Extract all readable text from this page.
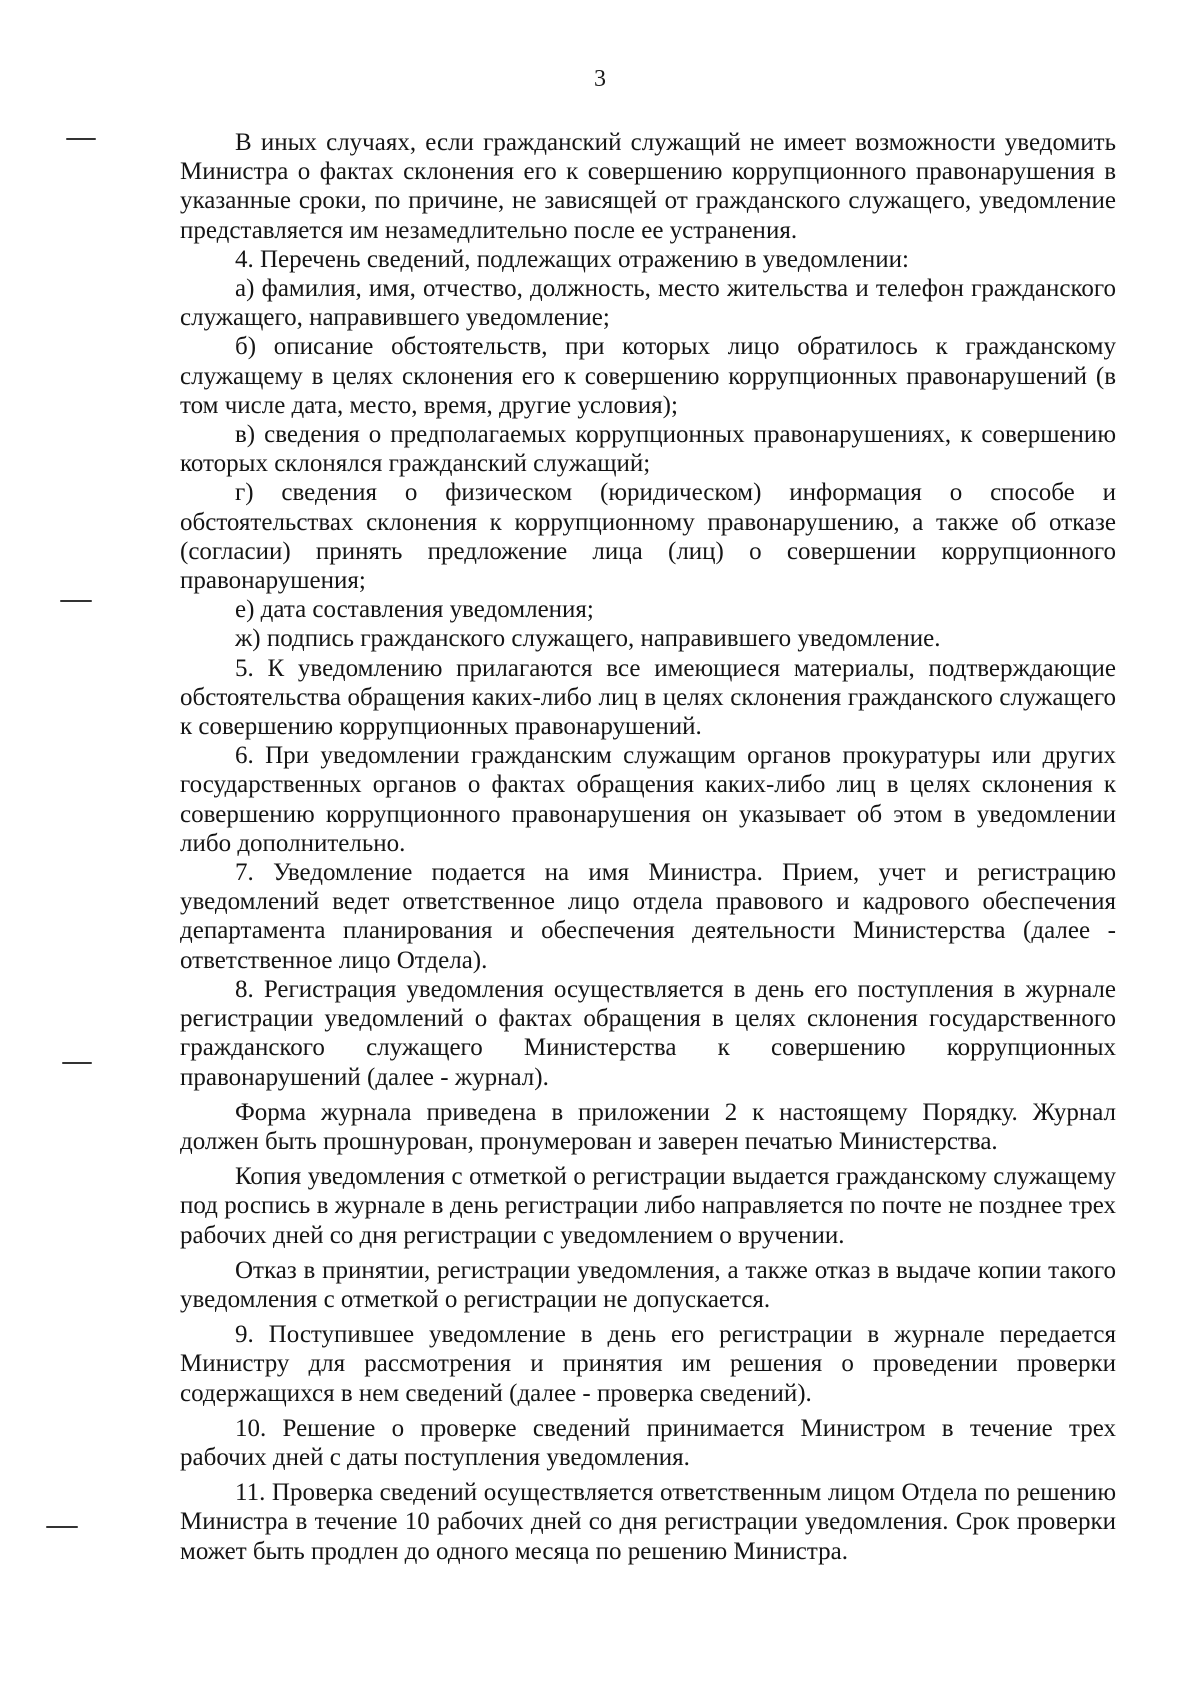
3

В иных случаях, если гражданский служащий не имеет возможности уведомить Министра о фактах склонения его к совершению коррупционного правонарушения в указанные сроки, по причине, не зависящей от гражданского служащего, уведомление представляется им незамедлительно после ее устранения.

4. Перечень сведений, подлежащих отражению в уведомлении:

а) фамилия, имя, отчество, должность, место жительства и телефон гражданского служащего, направившего уведомление;

б) описание обстоятельств, при которых лицо обратилось к гражданскому служащему в целях склонения его к совершению коррупционных правонарушений (в том числе дата, место, время, другие условия);

в) сведения о предполагаемых коррупционных правонарушениях, к совершению которых склонялся гражданский служащий;

г) сведения о физическом (юридическом) информация о способе и обстоятельствах склонения к коррупционному правонарушению, а также об отказе (согласии) принять предложение лица (лиц) о совершении коррупционного правонарушения;

е) дата составления уведомления;

ж) подпись гражданского служащего, направившего уведомление.

5. К уведомлению прилагаются все имеющиеся материалы, подтверждающие обстоятельства обращения каких-либо лиц в целях склонения гражданского служащего к совершению коррупционных правонарушений.

6. При уведомлении гражданским служащим органов прокуратуры или других государственных органов о фактах обращения каких-либо лиц в целях склонения к совершению коррупционного правонарушения он указывает об этом в уведомлении либо дополнительно.

7. Уведомление подается на имя Министра. Прием, учет и регистрацию уведомлений ведет ответственное лицо отдела правового и кадрового обеспечения департамента планирования и обеспечения деятельности Министерства (далее - ответственное лицо Отдела).

8. Регистрация уведомления осуществляется в день его поступления в журнале регистрации уведомлений о фактах обращения в целях склонения государственного гражданского служащего Министерства к совершению коррупционных правонарушений (далее - журнал).

Форма журнала приведена в приложении 2 к настоящему Порядку. Журнал должен быть прошнурован, пронумерован и заверен печатью Министерства.

Копия уведомления с отметкой о регистрации выдается гражданскому служащему под роспись в журнале в день регистрации либо направляется по почте не позднее трех рабочих дней со дня регистрации с уведомлением о вручении.

Отказ в принятии, регистрации уведомления, а также отказ в выдаче копии такого уведомления с отметкой о регистрации не допускается.

9. Поступившее уведомление в день его регистрации в журнале передается Министру для рассмотрения и принятия им решения о проведении проверки содержащихся в нем сведений (далее - проверка сведений).

10. Решение о проверке сведений принимается Министром в течение трех рабочих дней с даты поступления уведомления.

11. Проверка сведений осуществляется ответственным лицом Отдела по решению Министра в течение 10 рабочих дней со дня регистрации уведомления. Срок проверки может быть продлен до одного месяца по решению Министра.
